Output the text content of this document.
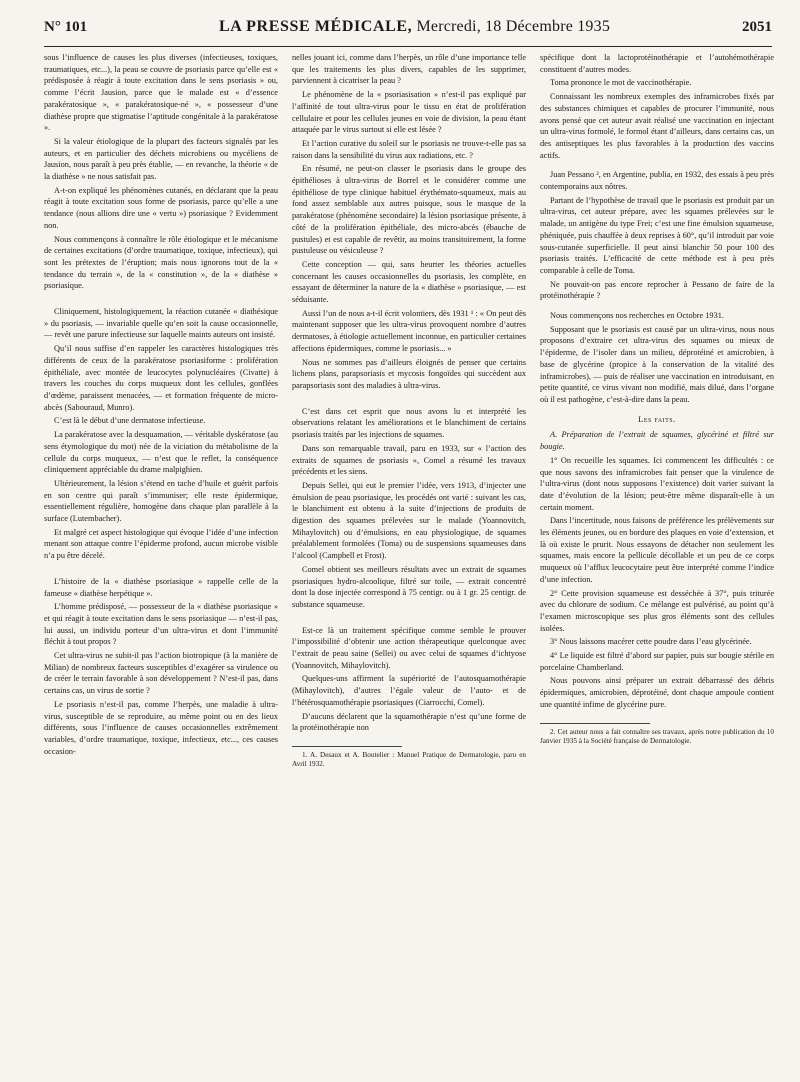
N° 101	LA PRESSE MÉDICALE, Mercredi, 18 Décembre 1935	2051

sous l’influence de causes les plus diverses (infectieuses, toxiques, traumatiques, etc...), la peau se couvre de psoriasis parce qu’elle est « prédisposée à réagir à toute excitation dans le sens psoriasis » ou, comme l’écrit Jausion, parce que le malade est « d’essence parakératosique », « parakératosique-né », « possesseur d’une diathèse propre que stigmatise l’aptitude congénitale à la parakératose ».

Si la valeur étiologique de la plupart des facteurs signalés par les auteurs, et en particulier des déchets microbiens ou mycéliens de Jausion, nous paraît à peu près établie, — en revanche, la théorie « de la diathèse » ne nous satisfait pas.

A-t-on expliqué les phénomènes cutanés, en déclarant que la peau réagit à toute excitation sous forme de psoriasis, parce qu’elle a une tendance (nous allions dire une « vertu ») psoriasique ? Evidemment non.

Nous commençons à connaître le rôle étiologique et le mécanisme de certaines excitations (d’ordre traumatique, toxique, infectieux), qui sont les prétextes de l’éruption; mais nous ignorons tout de la « tendance du terrain », de la « constitution », de la « diathèse » psoriasique.

Cliniquement, histologiquement, la réaction cutanée « diathésique » du psoriasis, — invariable quelle qu’en soit la cause occasionnelle, — revêt une parure infectieuse sur laquelle maints auteurs ont insisté.

Qu’il nous suffise d’en rappeler les caractères histologiques très différents de ceux de la parakératose psoriasiforme : prolifération épithéliale, avec montée de leucocytes polynucléaires (Civatte) à travers les couches du corps muqueux dont les cellules, gonflées d’œdème, paraissent menacées, — et formation fréquente de micro-abcès (Sabouraud, Munro).

C’est là le début d’une dermatose infectieuse.

La parakératose avec la desquamation, — véritable dyskératose (au sens étymologique du mot) née de la viciation du métabolisme de la cellule du corps muqueux, — n’est que le reflet, la conséquence cliniquement appréciable du drame malpighien.

Ultérieurement, la lésion s’étend en tache d’huile et guérit parfois en son centre qui paraît s’immuniser; elle reste épidermique, essentiellement régulière, homogène dans chaque plan parallèle à la surface (Lutembacher).

Et malgré cet aspect histologique qui évoque l’idée d’une infection menant son attaque contre l’épiderme profond, aucun microbe visible n’a pu être décelé.

L’histoire de la « diathèse psoriasique » rappelle celle de la fameuse « diathèse herpétique ».

L’homme prédisposé, — possesseur de la « diathèse psoriasique » et qui réagit à toute excitation dans le sens psoriasique — n’est-il pas, lui aussi, un individu porteur d’un ultra-virus et dont l’immunité fléchit à tout propos ?

Cet ultra-virus ne subit-il pas l’action biotropique (à la manière de Milian) de nombreux facteurs susceptibles d’exagérer sa virulence ou de créer le terrain favorable à son développement ? N’est-il pas, dans certains cas, un virus de sortie ?

Le psoriasis n’est-il pas, comme l’herpès, une maladie à ultra-virus, susceptible de se reproduire, au même point ou en des lieux différents, sous l’influence de causes occasionnelles extrêmement variables, d’ordre traumatique, toxique, infectieux, etc..., ces causes occasion-

nelles jouant ici, comme dans l’herpès, un rôle d’une importance telle que les traitements les plus divers, capables de les supprimer, parviennent à cicatriser la peau ?

Le phénomène de la « psoriasisation » n’est-il pas expliqué par l’affinité de tout ultra-virus pour le tissu en état de prolifération cellulaire et pour les cellules jeunes en voie de division, la peau étant attaquée par le virus surtout si elle est lésée ?

Et l’action curative du soleil sur le psoriasis ne trouve-t-elle pas sa raison dans la sensibilité du virus aux radiations, etc. ?

En résumé, ne peut-on classer le psoriasis dans le groupe des épithélioses à ultra-virus de Borrel et le considérer comme une épithéliose de type clinique habituel érythémato-squameux, mais au fond assez semblable aux autres puisque, sous le masque de la parakératose (phénomène secondaire) la lésion psoriasique présente, à côté de la prolifération épithéliale, des micro-abcès (ébauche de pustules) et est capable de revêtir, au moins transitoirement, la forme pustuleuse ou vésiculeuse ?

Cette conception — qui, sans heurter les théories actuelles concernant les causes occasionnelles du psoriasis, les complète, en essayant de déterminer la nature de la « diathèse » psoriasique, — est séduisante.

Aussi l’un de nous a-t-il écrit volontiers, dès 1931 ¹ : « On peut dès maintenant supposer que les ultra-virus provoquent nombre d’autres dermatoses, à étiologie actuellement inconnue, en particulier certaines affections épidermiques, comme le psoriasis... »

Nous ne sommes pas d’ailleurs éloignés de penser que certains lichens plans, parapsoriasis et mycosis fongoïdes qui succèdent aux parapsoriasis sont des maladies à ultra-virus.

C’est dans cet esprit que nous avons lu et interprété les observations relatant les améliorations et le blanchiment de certains psoriasis traités par les injections de squames.

Dans son remarquable travail, paru en 1933, sur « l’action des extraits de squames de psoriasis », Comel a résumé les travaux précédents et les siens.

Depuis Sellei, qui eut le premier l’idée, vers 1913, d’injecter une émulsion de peau psoriasique, les procédés ont varié : suivant les cas, le blanchiment est obtenu à la suite d’injections de produits de digestion des squames prélevées sur le malade (Yoannovitch, Mihaylovitch) ou d’émulsions, en eau physiologique, de squames préalablement formolées (Toma) ou de suspensions squameuses dans l’alcool (Campbell et Frost).

Comel obtient ses meilleurs résultats avec un extrait de squames psoriasiques hydro-alcoolique, filtré sur toile, — extrait concentré dont la dose injectée correspond à 75 centigr. ou à 1 gr. 25 centigr. de substance squameuse.

Est-ce là un traitement spécifique comme semble le prouver l’impossibilité d’obtenir une action thérapeutique quelconque avec l’extrait de peau saine (Sellei) ou avec celui de squames d’ichtyose (Yoannovitch, Mihaylovitch).

Quelques-uns affirment la supériorité de l’autosquamothérapie (Mihaylovitch), d’autres l’égale valeur de l’auto- et de l’hétérosquamothérapie psoriasiques (Ciarrocchi, Comel).

D’aucuns déclarent que la squamothérapie n’est qu’une forme de la protéinothérapie non

1. A. Desaux et A. Boutelier : Manuel Pratique de Dermatologie, paru en Avril 1932.

spécifique dont la lactoprotéinothérapie et l’autohémothérapie constituent d’autres modes.

Toma prononce le mot de vaccinothérapie.

Connaissant les nombreux exemples des inframicrobes fixés par des substances chimiques et capables de procurer l’immunité, nous avons pensé que cet auteur avait réalisé une vaccination en injectant un ultra-virus formolé, le formol étant d’ailleurs, dans certains cas, un des antiseptiques les plus favorables à la production des vaccins actifs.

Juan Pessano ², en Argentine, publia, en 1932, des essais à peu près contemporains aux nôtres.

Partant de l’hypothèse de travail que le psoriasis est produit par un ultra-virus, cet auteur prépare, avec les squames prélevées sur le malade, un antigène du type Frei; c’est une fine émulsion squameuse, phéniquée, puis chauffée à deux reprises à 60°, qu’il introduit par voie sous-cutanée superficielle. Il peut ainsi blanchir 50 pour 100 des psoriasis traités. L’efficacité de cette méthode est à peu près comparable à celle de Toma.

Ne pouvait-on pas encore reprocher à Pessano de faire de la protéinothérapie ?

Nous commençons nos recherches en Octobre 1931.

Supposant que le psoriasis est causé par un ultra-virus, nous nous proposons d’extraire cet ultra-virus des squames ou mieux de l’épiderme, de l’isoler dans un milieu, déprotéiné et amicrobien, à base de glycérine (propice à la conservation de la vitalité des inframicrobes), — puis de réaliser une vaccination en introduisant, en petite quantité, ce virus vivant non modifié, mais dilué, dans l’organe où il est pathogène, c’est-à-dire dans la peau.

Les faits.

A. Préparation de l’extrait de squames, glycériné et filtré sur bougie.

1° On recueille les squames. Ici commencent les difficultés : ce que nous savons des inframicrobes fait penser que la virulence de l’ultra-virus (dont nous supposons l’existence) doit varier suivant la date d’évolution de la lésion; peut-être même disparaît-elle à un certain moment.

Dans l’incertitude, nous faisons de préférence les prélèvements sur les éléments jeunes, ou en bordure des plaques en voie d’extension, et là où existe le prurit. Nous essayons de détacher non seulement les squames, mais encore la pellicule décollable et un peu de ce corps muqueux où l’afflux leucocytaire peut être interprété comme l’indice d’une infection.

2° Cette provision squameuse est desséchée à 37°, puis triturée avec du chlorure de sodium. Ce mélange est pulvérisé, au point qu’à l’examen microscopique ses plus gros éléments sont des cellules isolées.

3° Nous laissons macérer cette poudre dans l’eau glycérinée.

4° Le liquide est filtré d’abord sur papier, puis sur bougie stérile en porcelaine Chamberland.

Nous pouvons ainsi préparer un extrait débarrassé des débris épidermiques, amicrobien, déprotéiné, dont chaque ampoule contient une quantité infime de glycérine pure.

2. Cet auteur nous a fait connaître ses travaux, après notre publication du 10 Janvier 1935 à la Société française de Dermatologie.
